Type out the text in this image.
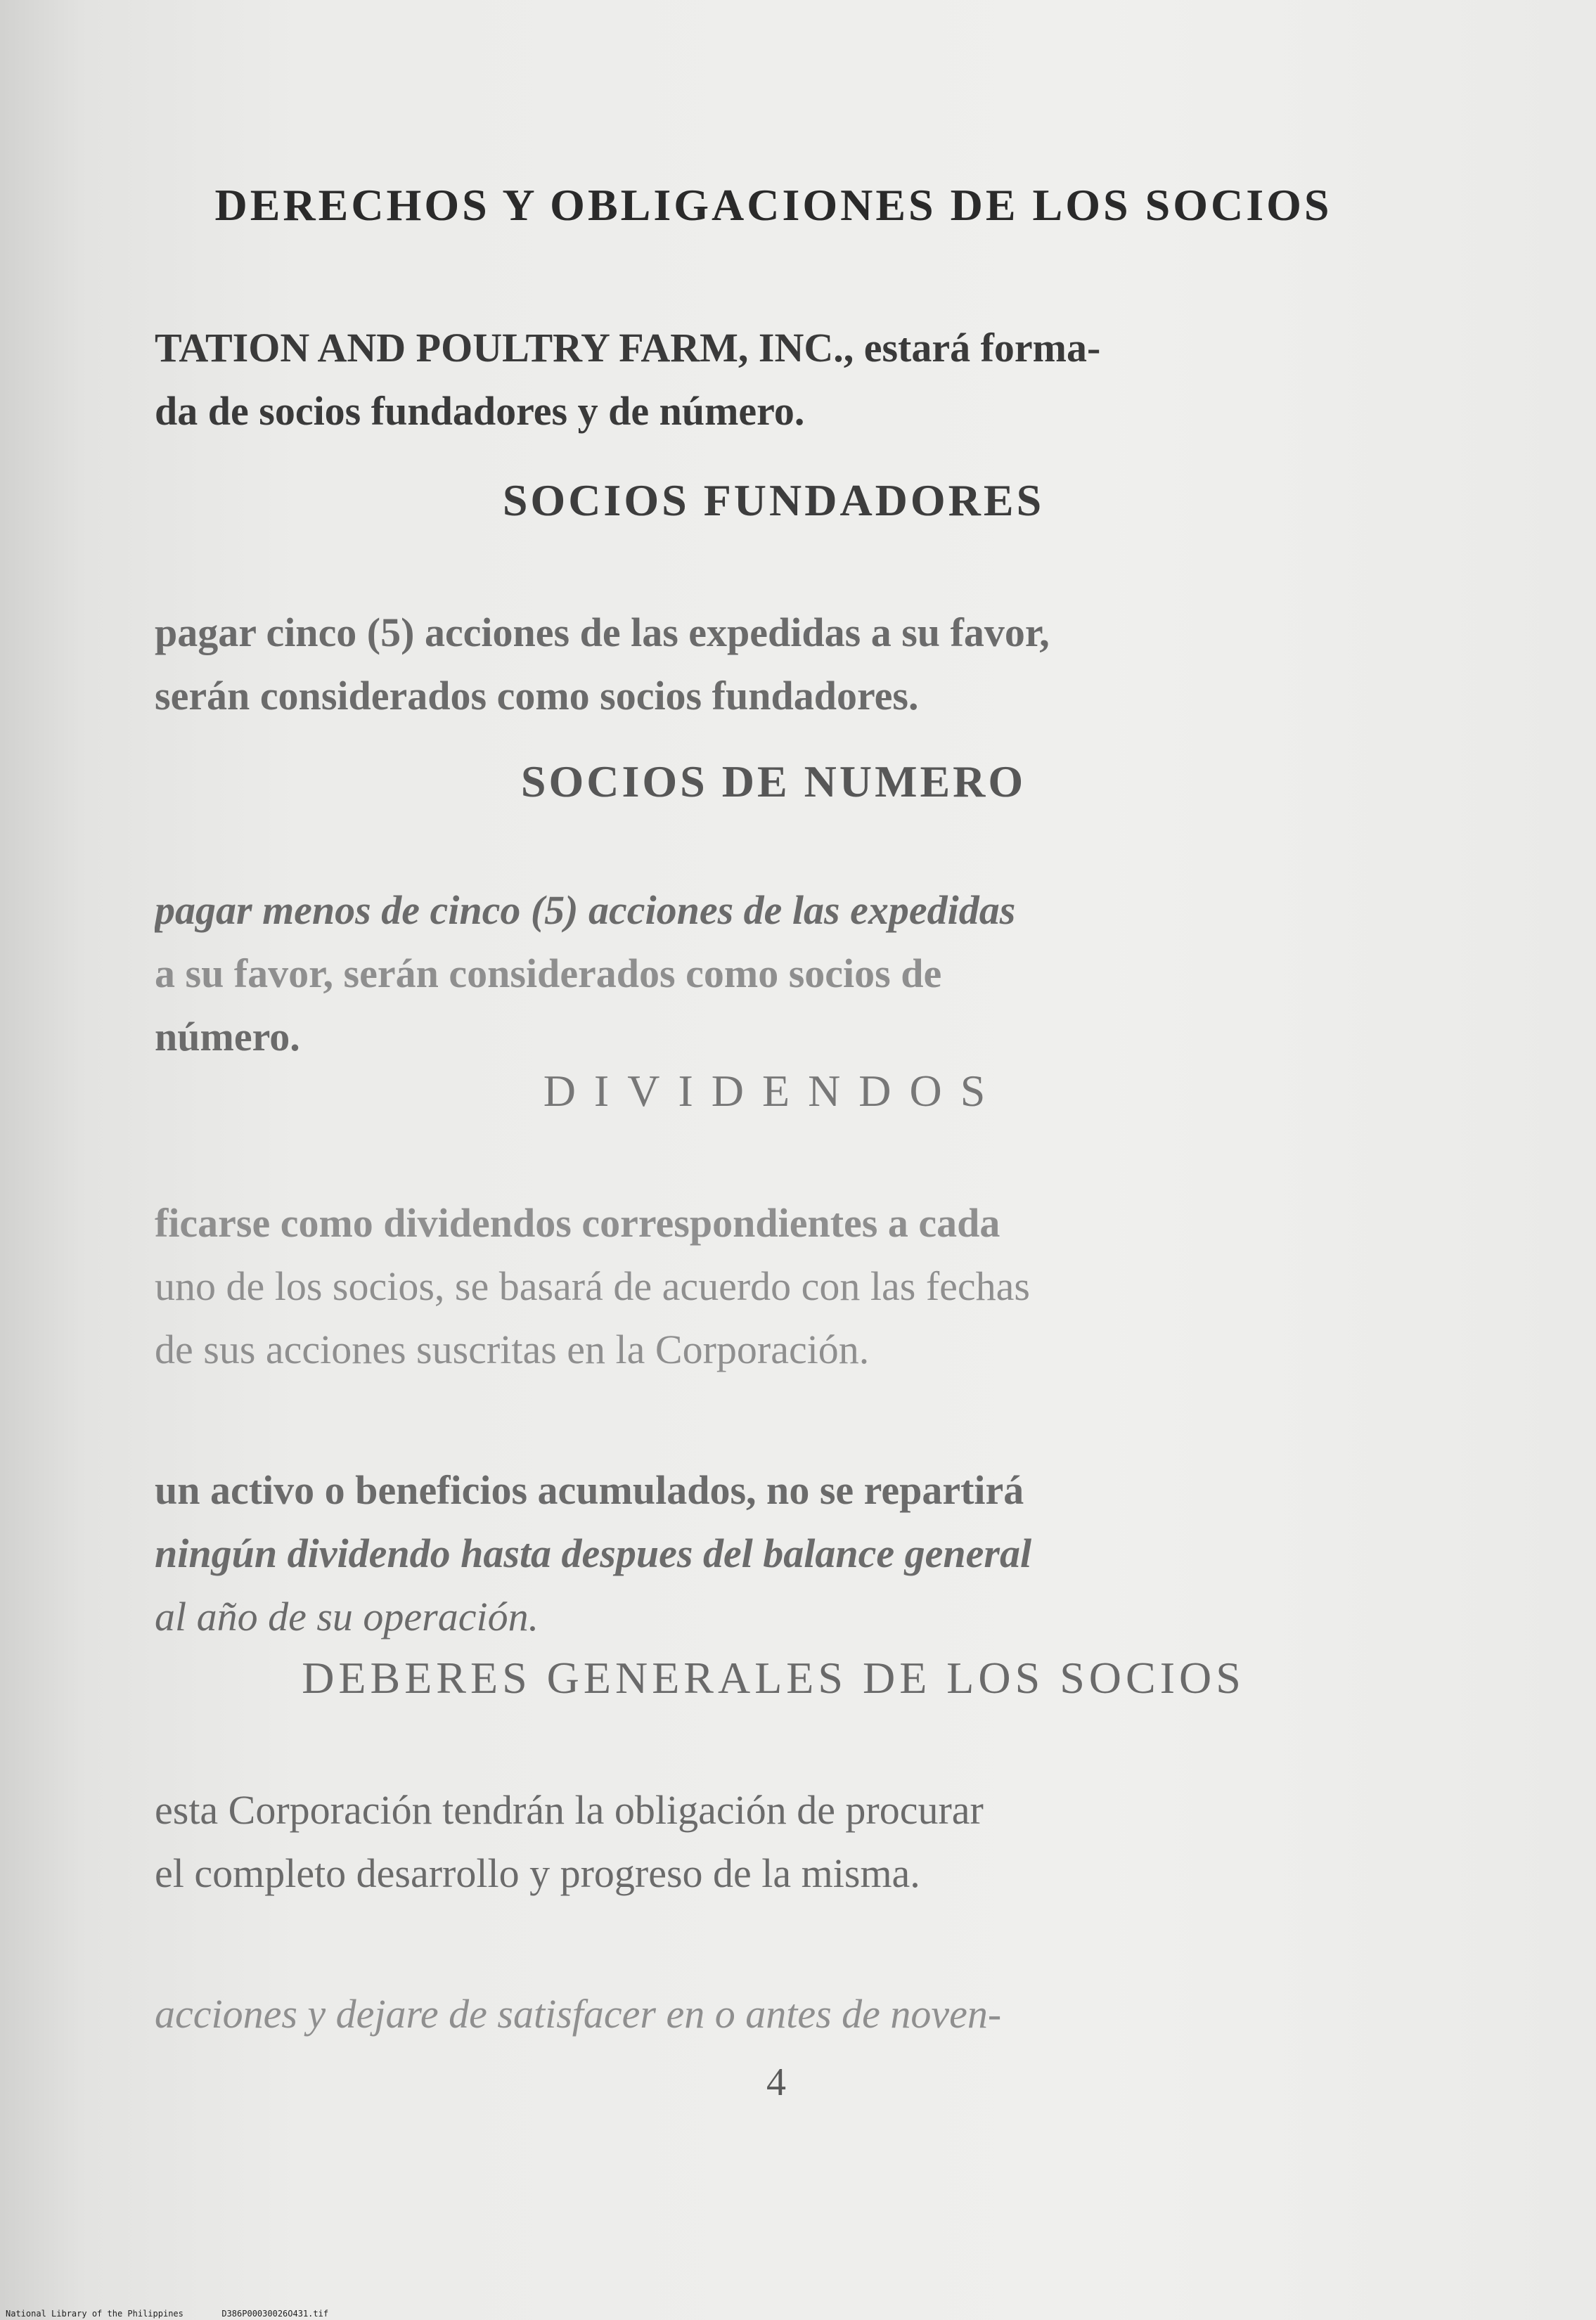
DERECHOS Y OBLIGACIONES DE LOS SOCIOS
TATION AND POULTRY FARM, INC., estará forma-
da de socios fundadores y de número.
SOCIOS FUNDADORES
pagar cinco (5) acciones de las expedidas a su favor,
serán considerados como socios fundadores.
SOCIOS DE NUMERO
pagar menos de cinco (5) acciones de las expedidas
a su favor, serán considerados como socios de
número.
DIVIDENDOS
ficarse como dividendos correspondientes a cada
uno de los socios, se basará de acuerdo con las fechas
de sus acciones suscritas en la Corporación.
un activo o beneficios acumulados, no se repartirá
ningún dividendo hasta despues del balance general
al año de su operación.
DEBERES GENERALES DE LOS SOCIOS
esta Corporación tendrán la obligación de procurar
el completo desarrollo y progreso de la misma.
acciones y dejare de satisfacer en o antes de noven-
4
National Library of the Philippines	D386P00030026O431.tif
